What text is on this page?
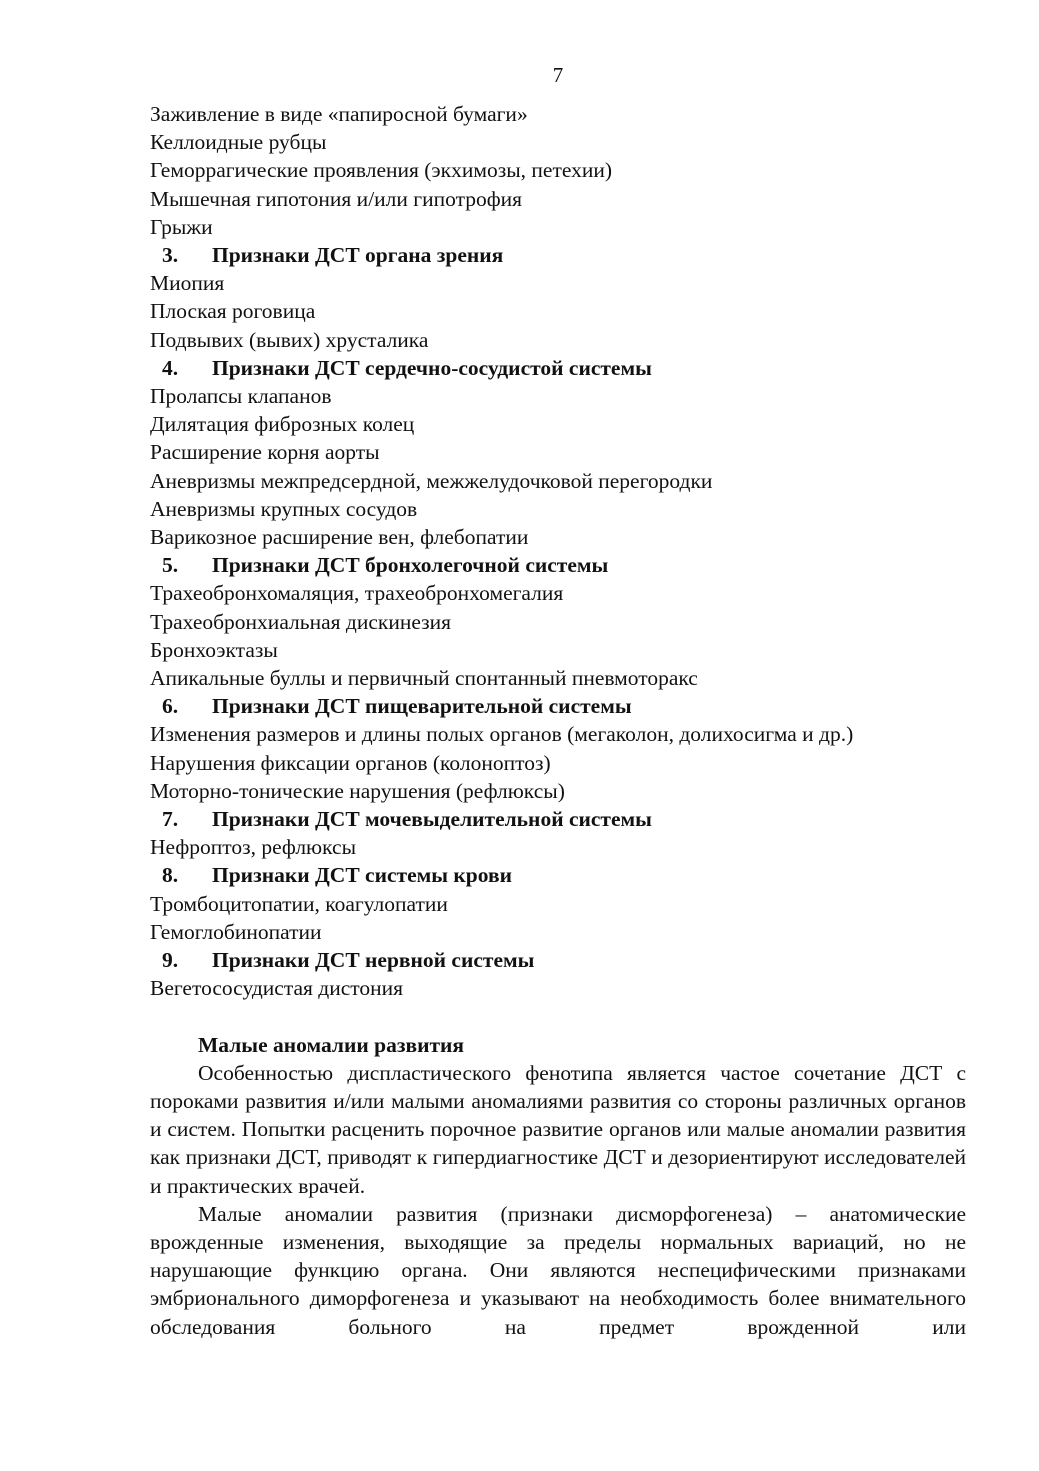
7
Заживление в виде «папиросной бумаги»
Келлоидные рубцы
Геморрагические проявления (экхимозы, петехии)
Мышечная гипотония и/или гипотрофия
Грыжи
3. Признаки ДСТ органа зрения
Миопия
Плоская роговица
Подвывих (вывих) хрусталика
4. Признаки ДСТ сердечно-сосудистой системы
Пролапсы клапанов
Дилятация фиброзных колец
Расширение корня аорты
Аневризмы межпредсердной, межжелудочковой перегородки
Аневризмы крупных сосудов
Варикозное расширение вен, флебопатии
5. Признаки ДСТ бронхолегочной системы
Трахеобронхомаляция, трахеобронхомегалия
Трахеобронхиальная дискинезия
Бронхоэктазы
Апикальные буллы и первичный спонтанный пневмоторакс
6. Признаки ДСТ пищеварительной системы
Изменения размеров и длины полых органов (мегаколон, долихосигма и др.)
Нарушения фиксации органов (колоноптоз)
Моторно-тонические нарушения (рефлюксы)
7. Признаки ДСТ мочевыделительной системы
Нефроптоз, рефлюксы
8. Признаки ДСТ системы крови
Тромбоцитопатии, коагулопатии
Гемоглобинопатии
9. Признаки ДСТ нервной системы
Вегетососудистая дистония
Малые аномалии развития

Особенностью диспластического фенотипа является частое сочетание ДСТ с пороками развития и/или малыми аномалиями развития со стороны различных органов и систем. Попытки расценить порочное развитие органов или малые аномалии развития как признаки ДСТ, приводят к гипердиагностике ДСТ и дезориентируют исследователей и практических врачей.

Малые аномалии развития (признаки дисморфогенеза) – анатомические врожденные изменения, выходящие за пределы нормальных вариаций, но не нарушающие функцию органа. Они являются неспецифическими признаками эмбрионального диморфогенеза и указывают на необходимость более внимательного обследования больного на предмет врожденной или
